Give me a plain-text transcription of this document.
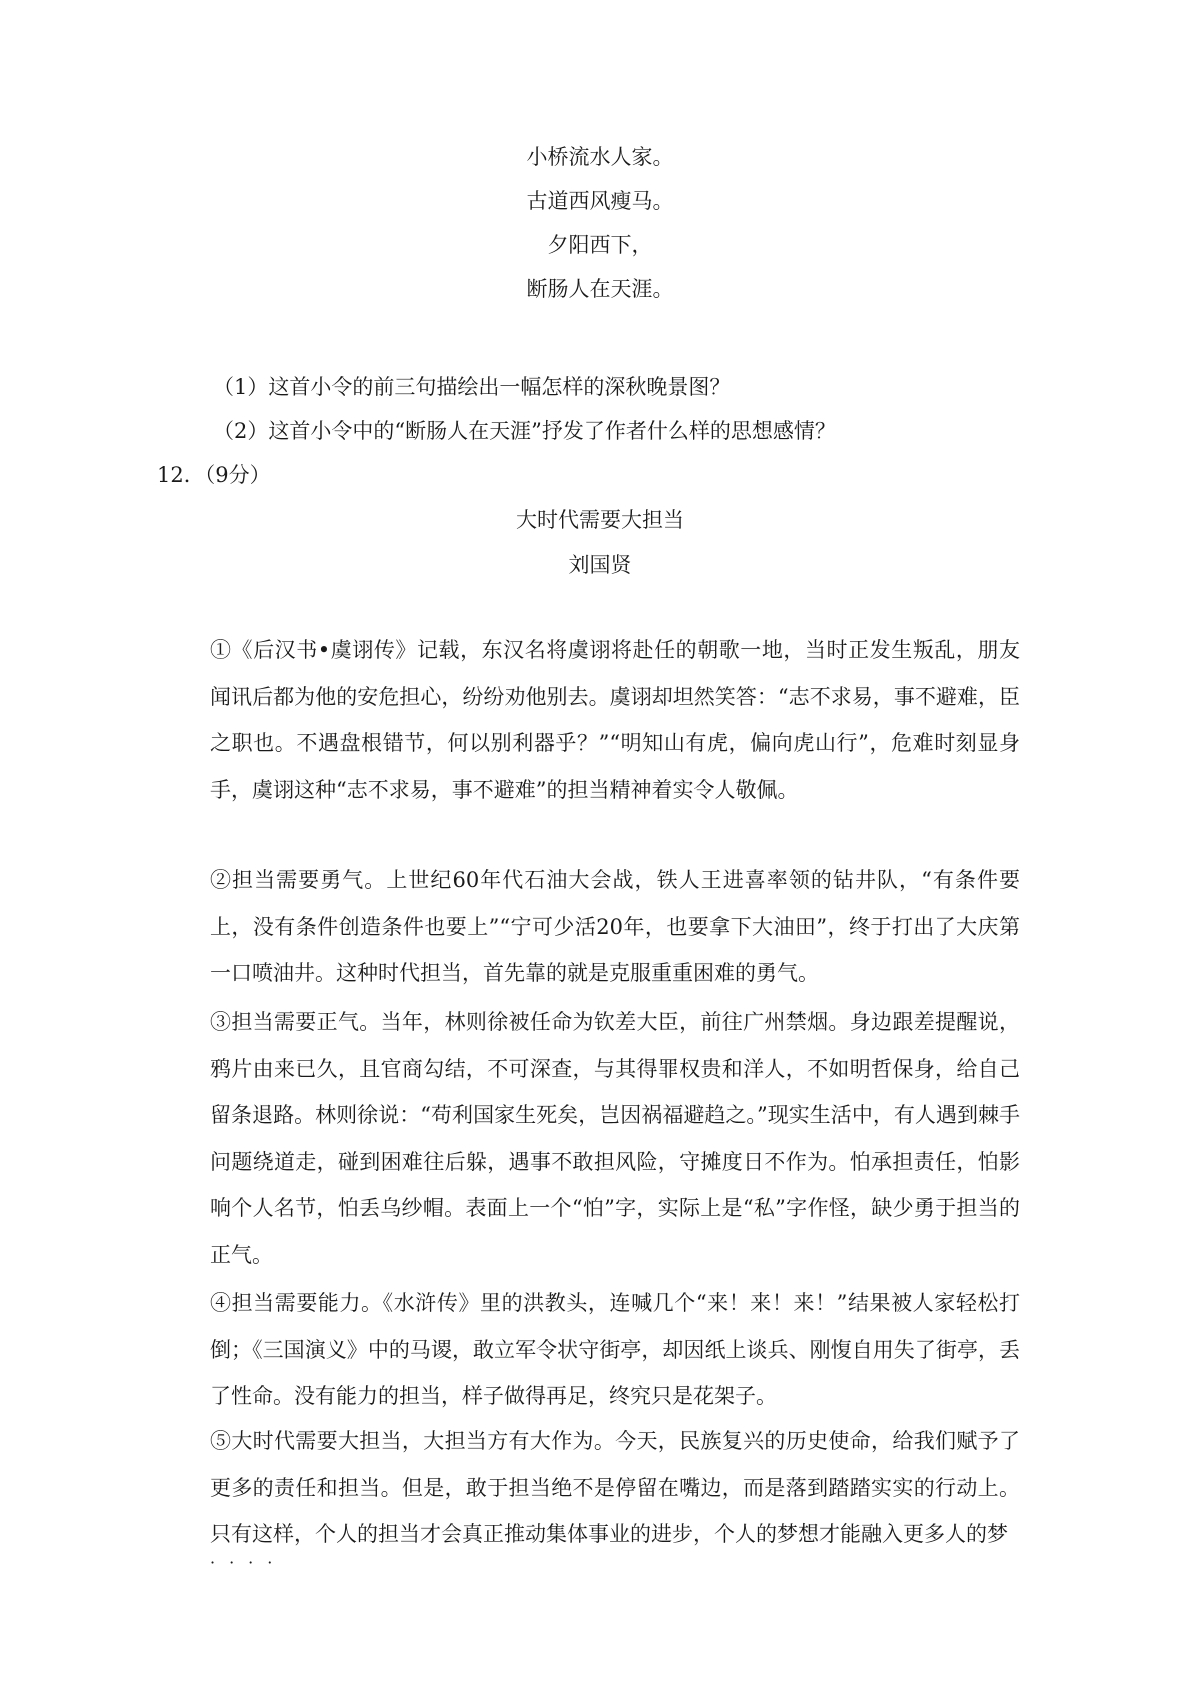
小桥流水人家。
古道西风瘦马。
夕阳西下，
断肠人在天涯。
（1）这首小令的前三句描绘出一幅怎样的深秋晚景图？
（2）这首小令中的“断肠人在天涯”抒发了作者什么样的思想感情？
12．（9分）
大时代需要大担当
刘国贤
①《后汉书•虞诩传》记载，东汉名将虞诩将赴任的朝歌一地，当时正发生叛乱，朋友闻讯后都为他的安危担心，纷纷劝他别去。虞诩却坦然笑答：“志不求易，事不避难，臣之职也。不遇盘根错节，何以别利器乎？”“明知山有虎，偏向虎山行”，危难时刻显身手，虞诩这种“志不求易，事不避难”的担当精神着实令人敬佩。
②担当需要勇气。上世纪60年代石油大会战，铁人王进喜率领的钻井队，“有条件要上，没有条件创造条件也要上”“宁可少活20年，也要拿下大油田”，终于打出了大庆第一口喷油井。这种时代担当，首先靠的就是克服重重困难的勇气。
③担当需要正气。当年，林则徐被任命为钦差大臣，前往广州禁烟。身边跟差提醒说，鸦片由来已久，且官商勾结，不可深查，与其得罪权贵和洋人，不如明哲保身，给自己留条退路。林则徐说：“苟利国家生死矣，岂因祸福避趋之。”现实生活中，有人遇到棘手问题绕道走，碰到困难往后躲，遇事不敢担风险，守摊度日不作为。怕承担责任，怕影响个人名节，怕丢乌纱帽。表面上一个“怕”字，实际上是“私”字作怪，缺少勇于担当的正气。
④担当需要能力。《水浒传》里的洪教头，连喊几个“来！来！来！”结果被人家轻松打倒；《三国演义》中的马谡，敢立军令状守街亭，却因纸上谈兵、刚愎自用失了街亭，丢了性命。没有能力的担当，样子做得再足，终究只是花架子。
⑤大时代需要大担当，大担当方有大作为。今天，民族复兴的历史使命，给我们赋予了更多的责任和担当。但是，敢于担当绝不是停留在嘴边，而是落到踏踏实实的行动上。只有这样，个人的担当才会真正推动集体事业的进步，个人的梦想才能融入更多人的梦
····
